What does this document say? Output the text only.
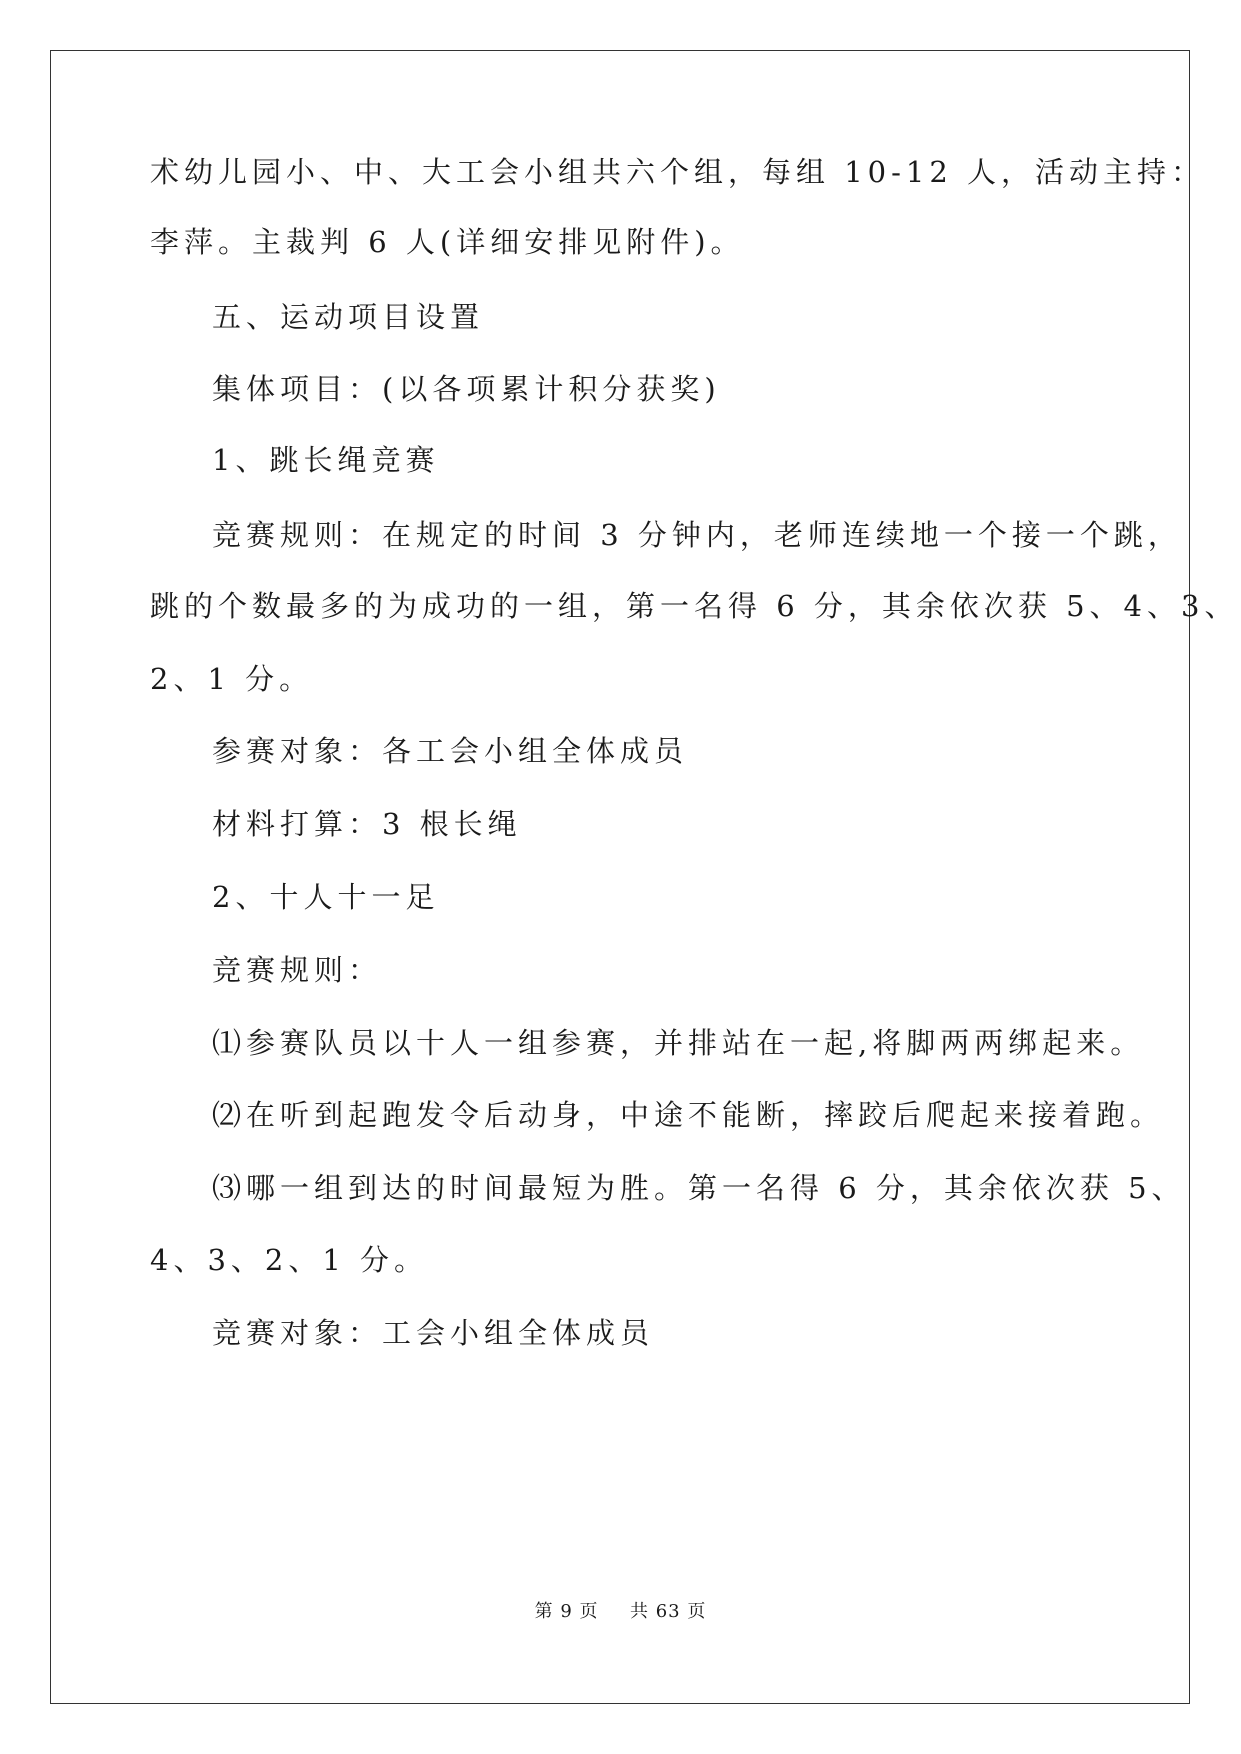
术幼儿园小、中、大工会小组共六个组，每组 10-12 人，活动主持：
李萍。主裁判 6 人(详细安排见附件)。
五、运动项目设置
集体项目：(以各项累计积分获奖)
1、跳长绳竞赛
竞赛规则：在规定的时间 3 分钟内，老师连续地一个接一个跳，
跳的个数最多的为成功的一组，第一名得 6 分，其余依次获 5、4、3、
2、1 分。
参赛对象：各工会小组全体成员
材料打算：3 根长绳
2、十人十一足
竞赛规则：
⑴参赛队员以十人一组参赛，并排站在一起,将脚两两绑起来。
⑵在听到起跑发令后动身，中途不能断，摔跤后爬起来接着跑。
⑶哪一组到达的时间最短为胜。第一名得 6 分，其余依次获 5、
4、3、2、1 分。
竞赛对象：工会小组全体成员
第 9 页 共 63 页
